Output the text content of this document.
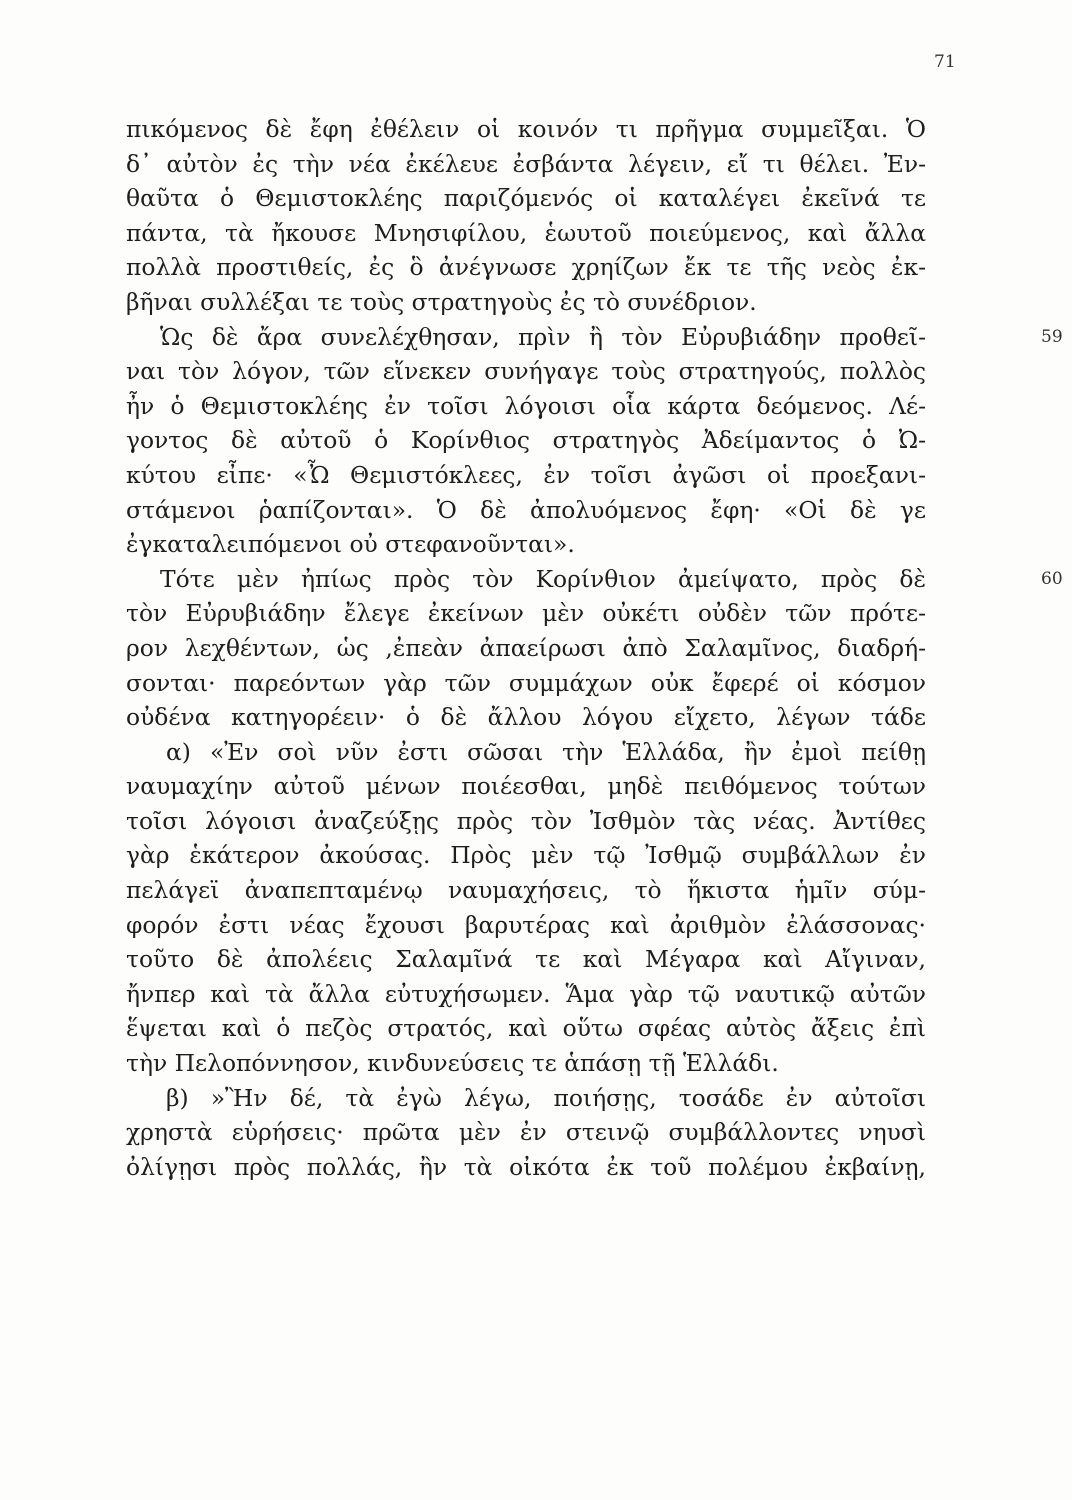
71
πικόμενος δὲ ἔφη ἐθέλειν οἱ κοινόν τι πρῆγμα συμμεῖξαι. Ὁ
δ᾽ αὐτὸν ἐς τὴν νέα ἐκέλευε ἐσβάντα λέγειν, εἴ τι θέλει. Ἐν-
θαῦτα ὁ Θεμιστοκλέης παριζόμενός οἱ καταλέγει ἐκεῖνά τε
πάντα, τὰ ἤκουσε Μνησιφίλου, ἑωυτοῦ ποιεύμενος, καὶ ἄλλα
πολλὰ προστιθείς, ἐς ὃ ἀνέγνωσε χρηίζων ἔκ τε τῆς νεὸς ἐκ-
βῆναι συλλέξαι τε τοὺς στρατηγοὺς ἐς τὸ συνέδριον.
Ὡς δὲ ἄρα συνελέχθησαν, πρὶν ἢ τὸν Εὐρυβιάδην προθεῖ-	59
ναι τὸν λόγον, τῶν εἵνεκεν συνήγαγε τοὺς στρατηγούς, πολλὸς
ἦν ὁ Θεμιστοκλέης ἐν τοῖσι λόγοισι οἷα κάρτα δεόμενος. Λέ-
γοντος δὲ αὐτοῦ ὁ Κορίνθιος στρατηγὸς Ἀδείμαντος ὁ Ὠ-
κύτου εἶπε· «Ὦ Θεμιστόκλεες, ἐν τοῖσι ἀγῶσι οἱ προεξανι-
στάμενοι ῥαπίζονται». Ὁ δὲ ἀπολυόμενος ἔφη· «Οἱ δὲ γε
ἐγκαταλειπόμενοι οὐ στεφανοῦνται».
Τότε μὲν ἠπίως πρὸς τὸν Κορίνθιον ἀμείψατο, πρὸς δὲ	60
τὸν Εὐρυβιάδην ἔλεγε ἐκείνων μὲν οὐκέτι οὐδὲν τῶν πρότε-
ρον λεχθέντων, ὡς ,ἐπεὰν ἀπαείρωσι ἀπὸ Σαλαμῖνος, διαδρή-
σονται· παρεόντων γὰρ τῶν συμμάχων οὐκ ἔφερέ οἱ κόσμον
οὐδένα κατηγορέειν· ὁ δὲ ἄλλου λόγου εἴχετο, λέγων τάδε
α) «Ἐν σοὶ νῦν ἐστι σῶσαι τὴν Ἑλλάδα, ἢν ἐμοὶ πείθῃ
ναυμαχίην αὐτοῦ μένων ποιέεσθαι, μηδὲ πειθόμενος τούτων
τοῖσι λόγοισι ἀναζεύξῃς πρὸς τὸν Ἰσθμὸν τὰς νέας. Ἀντίθες
γὰρ ἑκάτερον ἀκούσας. Πρὸς μὲν τῷ Ἰσθμῷ συμβάλλων ἐν
πελάγεϊ ἀναπεπταμένῳ ναυμαχήσεις, τὸ ἥκιστα ἡμῖν σύμ-
φορόν ἐστι νέας ἔχουσι βαρυτέρας καὶ ἀριθμὸν ἐλάσσονας·
τοῦτο δὲ ἀπολέεις Σαλαμῖνά τε καὶ Μέγαρα καὶ Αἴγιναν,
ἤνπερ καὶ τὰ ἄλλα εὐτυχήσωμεν. Ἅμα γὰρ τῷ ναυτικῷ αὐτῶν
ἕψεται καὶ ὁ πεζὸς στρατός, καὶ οὕτω σφέας αὐτὸς ἄξεις ἐπὶ
τὴν Πελοπόννησον, κινδυνεύσεις τε ἁπάσῃ τῇ Ἑλλάδι.
β) »Ἢν δέ, τὰ ἐγὼ λέγω, ποιήσῃς, τοσάδε ἐν αὐτοῖσι
χρηστὰ εὑρήσεις· πρῶτα μὲν ἐν στεινῷ συμβάλλοντες νηυσὶ
ὀλίγῃσι πρὸς πολλάς, ἢν τὰ οἰκότα ἐκ τοῦ πολέμου ἐκβαίνῃ,
